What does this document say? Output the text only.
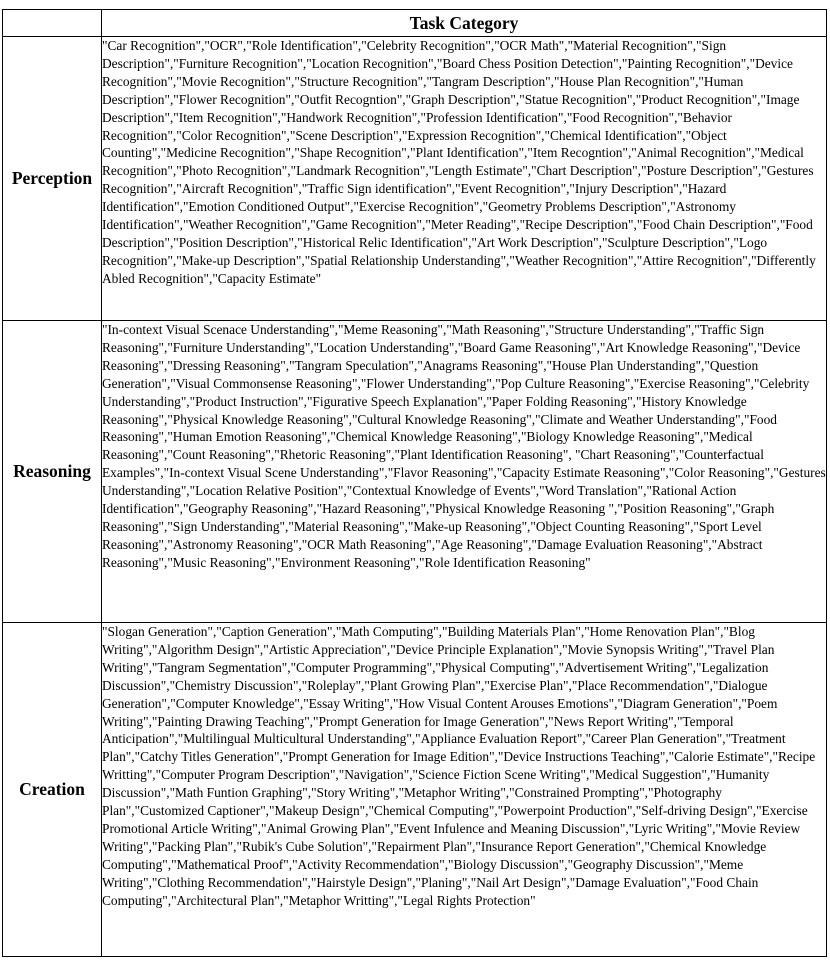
	Task Category
Perception	"Car Recognition","OCR","Role Identification","Celebrity Recognition","OCR Math","Material Recognition","Sign Description","Furniture Recognition","Location Recognition","Board Chess Position Detection","Painting Recognition","Device Recognition","Movie Recognition","Structure Recognition","Tangram Description","House Plan Recognition","Human Description","Flower Recognition","Outfit Recogntion","Graph Description","Statue Recognition","Product Recognition","Image Description","Item Recognition","Handwork Recognition","Profession Identification","Food Recognition","Behavior Recognition","Color Recognition","Scene Description","Expression Recognition","Chemical Identification","Object Counting","Medicine Recognition","Shape Recognition","Plant Identification","Item Recogntion","Animal Recognition","Medical Recognition","Photo Recognition","Landmark Recognition","Length Estimate","Chart Description","Posture Description","Gestures Recognition","Aircraft Recognition","Traffic Sign identification","Event Recognition","Injury Description","Hazard Identification","Emotion Conditioned Output","Exercise Recognition","Geometry Problems Description","Astronomy Identification","Weather Recognition","Game Recognition","Meter Reading","Recipe Description","Food Chain Description","Food Description","Position Description","Historical Relic Identification","Art Work Description","Sculpture Description","Logo Recognition","Make-up Description","Spatial Relationship Understanding","Weather Recognition","Attire Recognition","Differently Abled Recognition","Capacity Estimate"
Reasoning	"In-context Visual Scenace Understanding","Meme Reasoning","Math Reasoning","Structure Understanding","Traffic Sign Reasoning","Furniture Understanding","Location Understanding","Board Game Reasoning","Art Knowledge Reasoning","Device Reasoning","Dressing Reasoning","Tangram Speculation","Anagrams Reasoning","House Plan Understanding","Question Generation","Visual Commonsense Reasoning","Flower Understanding","Pop Culture Reasoning","Exercise Reasoning","Celebrity Understanding","Product Instruction","Figurative Speech Explanation","Paper Folding Reasoning","History Knowledge Reasoning","Physical Knowledge Reasoning","Cultural Knowledge Reasoning","Climate and Weather Understanding","Food Reasoning","Human Emotion Reasoning","Chemical Knowledge Reasoning","Biology Knowledge Reasoning","Medical Reasoning","Count Reasoning","Rhetoric Reasoning","Plant Identification Reasoning", "Chart Reasoning","Counterfactual Examples","In-context Visual Scene Understanding","Flavor Reasoning","Capacity Estimate Reasoning","Color Reasoning","Gestures Understanding","Location Relative Position","Contextual Knowledge of Events","Word Translation","Rational Action Identification","Geography Reasoning","Hazard Reasoning","Physical Knowledge Reasoning ","Position Reasoning","Graph Reasoning","Sign Understanding","Material Reasoning","Make-up Reasoning","Object Counting Reasoning","Sport Level Reasoning","Astronomy Reasoning","OCR Math Reasoning","Age Reasoning","Damage Evaluation Reasoning","Abstract Reasoning","Music Reasoning","Environment Reasoning","Role Identification Reasoning"
Creation	"Slogan Generation","Caption Generation","Math Computing","Building Materials Plan","Home Renovation Plan","Blog Writing","Algorithm Design","Artistic Appreciation","Device Principle Explanation","Movie Synopsis Writing","Travel Plan Writing","Tangram Segmentation","Computer Programming","Physical Computing","Advertisement Writing","Legalization Discussion","Chemistry Discussion","Roleplay","Plant Growing Plan","Exercise Plan","Place Recommendation","Dialogue Generation","Computer Knowledge","Essay Writing","How Visual Content Arouses Emotions","Diagram Generation","Poem Writing","Painting Drawing Teaching","Prompt Generation for Image Generation","News Report Writing","Temporal Anticipation","Multilingual Multicultural Understanding","Appliance Evaluation Report","Career Plan Generation","Treatment Plan","Catchy Titles Generation","Prompt Generation for Image Edition","Device Instructions Teaching","Calorie Estimate","Recipe Writting","Computer Program Description","Navigation","Science Fiction Scene Writing","Medical Suggestion","Humanity Discussion","Math Funtion Graphing","Story Writing","Metaphor Writing","Constrained Prompting","Photography Plan","Customized Captioner","Makeup Design","Chemical Computing","Powerpoint Production","Self-driving Design","Exercise Promotional Article Writing","Animal Growing Plan","Event Infulence and Meaning Discussion","Lyric Writing","Movie Review Writing","Packing Plan","Rubik's Cube Solution","Repairment Plan","Insurance Report Generation","Chemical Knowledge Computing","Mathematical Proof","Activity Recommendation","Biology Discussion","Geography Discussion","Meme Writing","Clothing Recommendation","Hairstyle Design","Planing","Nail Art Design","Damage Evaluation","Food Chain Computing","Architectural Plan","Metaphor Writting","Legal Rights Protection"
